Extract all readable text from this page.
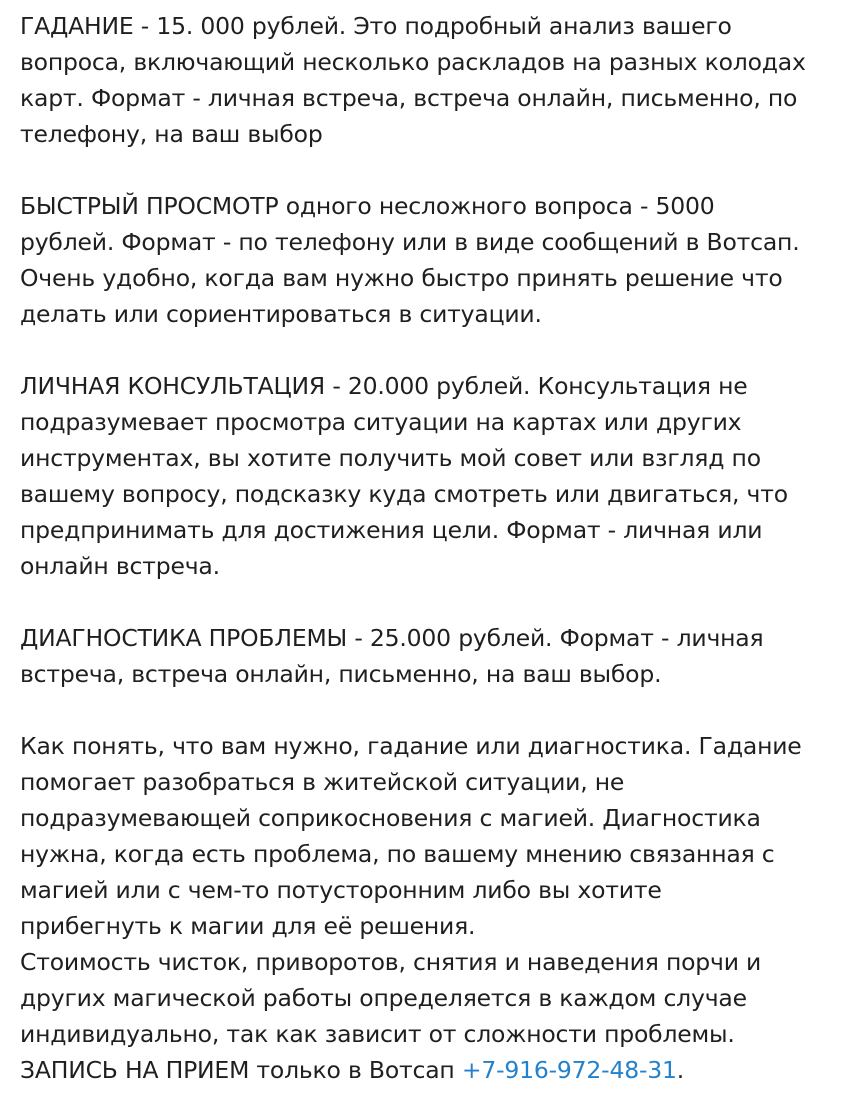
ГАДАНИЕ - 15. 000 рублей. Это подробный анализ вашего
вопроса, включающий несколько раскладов на разных колодах
карт. Формат - личная встреча, встреча онлайн, письменно, по
телефону, на ваш выбор

БЫСТРЫЙ ПРОСМОТР одного несложного вопроса - 5000
рублей. Формат - по телефону или в виде сообщений в Вотсап.
Очень удобно, когда вам нужно быстро принять решение что
делать или сориентироваться в ситуации.

ЛИЧНАЯ КОНСУЛЬТАЦИЯ - 20.000 рублей. Консультация не
подразумевает просмотра ситуации на картах или других
инструментах, вы хотите получить мой совет или взгляд по
вашему вопросу, подсказку куда смотреть или двигаться, что
предпринимать для достижения цели. Формат - личная или
онлайн встреча.

ДИАГНОСТИКА ПРОБЛЕМЫ - 25.000 рублей. Формат - личная
встреча, встреча онлайн, письменно, на ваш выбор.

Как понять, что вам нужно, гадание или диагностика. Гадание
помогает разобраться в житейской ситуации, не
подразумевающей соприкосновения с магией. Диагностика
нужна, когда есть проблема, по вашему мнению связанная с
магией или с чем-то потусторонним либо вы хотите
прибегнуть к магии для её решения.
Стоимость чисток, приворотов, снятия и наведения порчи и
других магической работы определяется в каждом случае
индивидуально, так как зависит от сложности проблемы.

ЗАПИСЬ НА ПРИЕМ только в Вотсап +7-916-972-48-31.
